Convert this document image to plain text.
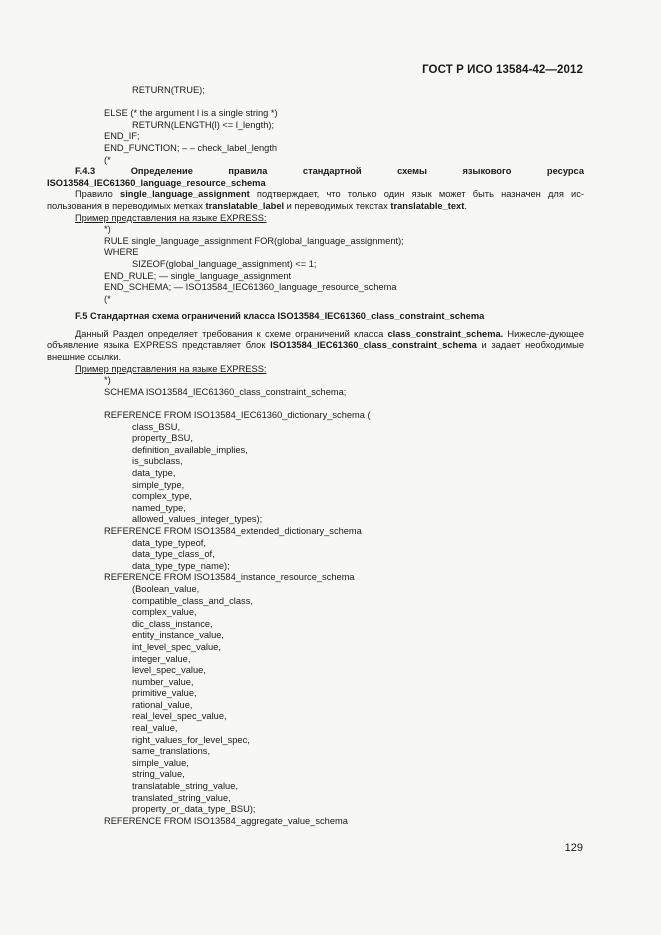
ГОСТ Р ИСО 13584-42—2012
RETURN(TRUE);
ELSE (* the argument l is a single string *)
RETURN(LENGTH(l) <= l_length);
END_IF;
END_FUNCTION; – – check_label_length
(*
F.4.3	Определение правила стандартной схемы языкового ресурса ISO13584_IEC61360_language_resource_schema
Правило single_language_assignment подтверждает, что только один язык может быть назначен для ис-пользования в переводимых метках translatable_label и переводимых текстах translatable_text.
Пример представления на языке EXPRESS:
*)
RULE single_language_assignment FOR(global_language_assignment);
WHERE
SIZEOF(global_language_assignment) <= 1;
END_RULE; — single_language_assignment
END_SCHEMA; — ISO13584_IEC61360_language_resource_schema
(*
F.5 Стандартная схема ограничений класса ISO13584_IEC61360_class_constraint_schema
Данный Раздел определяет требования к схеме ограничений класса class_constraint_schema. Нижесле-дующее объявление языка EXPRESS представляет блок ISO13584_IEC61360_class_constraint_schema и задает необходимые внешние ссылки.
Пример представления на языке EXPRESS:
*)
SCHEMA ISO13584_IEC61360_class_constraint_schema;
REFERENCE FROM ISO13584_IEC61360_dictionary_schema (
class_BSU,
property_BSU,
definition_available_implies,
is_subclass,
data_type,
simple_type,
complex_type,
named_type,
allowed_values_integer_types);
REFERENCE FROM ISO13584_extended_dictionary_schema
data_type_typeof,
data_type_class_of,
data_type_type_name);
REFERENCE FROM ISO13584_instance_resource_schema
(Boolean_value,
compatible_class_and_class,
complex_value,
dic_class_instance,
entity_instance_value,
int_level_spec_value,
integer_value,
level_spec_value,
number_value,
primitive_value,
rational_value,
real_level_spec_value,
real_value,
right_values_for_level_spec,
same_translations,
simple_value,
string_value,
translatable_string_value,
translated_string_value,
property_or_data_type_BSU);
REFERENCE FROM ISO13584_aggregate_value_schema
129
